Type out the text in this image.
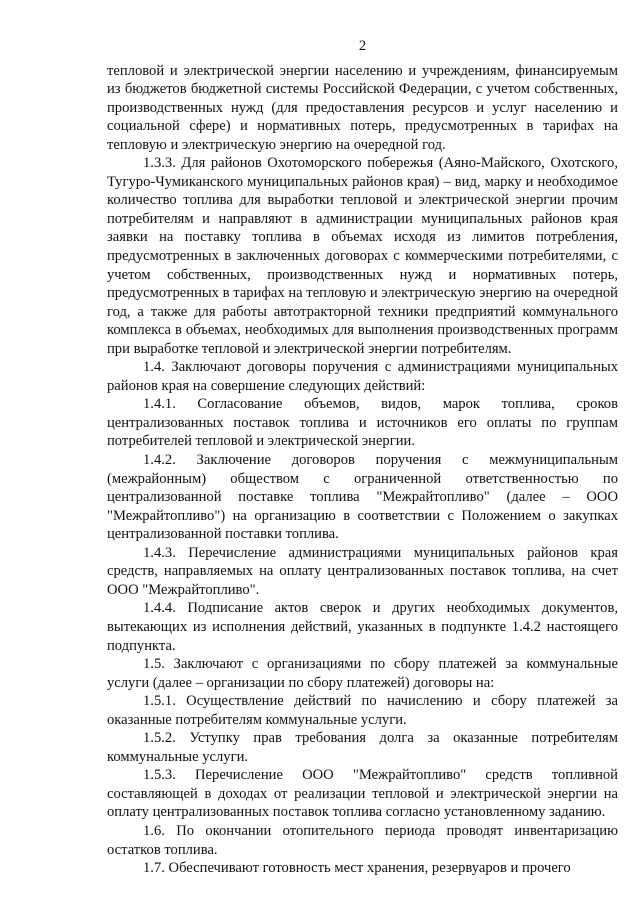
2

тепловой и электрической энергии населению и учреждениям, финансируемым из бюджетов бюджетной системы Российской Федерации, с учетом собственных, производственных нужд (для предоставления ресурсов и услуг населению и социальной сфере) и нормативных потерь, предусмотренных в тарифах на тепловую и электрическую энергию на очередной год.

1.3.3. Для районов Охотоморского побережья (Аяно-Майского, Охотского, Тугуро-Чумиканского муниципальных районов края) – вид, марку и необходимое количество топлива для выработки тепловой и электрической энергии прочим потребителям и направляют в администрации муниципальных районов края заявки на поставку топлива в объемах исходя из лимитов потребления, предусмотренных в заключенных договорах с коммерческими потребителями, с учетом собственных, производственных нужд и нормативных потерь, предусмотренных в тарифах на тепловую и электрическую энергию на очередной год, а также для работы автотракторной техники предприятий коммунального комплекса в объемах, необходимых для выполнения производственных программ при выработке тепловой и электрической энергии потребителям.

1.4. Заключают договоры поручения с администрациями муниципальных районов края на совершение следующих действий:

1.4.1. Согласование объемов, видов, марок топлива, сроков централизованных поставок топлива и источников его оплаты по группам потребителей тепловой и электрической энергии.

1.4.2. Заключение договоров поручения с межмуниципальным (межрайонным) обществом с ограниченной ответственностью по централизованной поставке топлива "Межрайтопливо" (далее – ООО "Межрайтопливо") на организацию в соответствии с Положением о закупках централизованной поставки топлива.

1.4.3. Перечисление администрациями муниципальных районов края средств, направляемых на оплату централизованных поставок топлива, на счет ООО "Межрайтопливо".

1.4.4. Подписание актов сверок и других необходимых документов, вытекающих из исполнения действий, указанных в подпункте 1.4.2 настоящего подпункта.

1.5. Заключают с организациями по сбору платежей за коммунальные услуги (далее – организации по сбору платежей) договоры на:

1.5.1. Осуществление действий по начислению и сбору платежей за оказанные потребителям коммунальные услуги.

1.5.2. Уступку прав требования долга за оказанные потребителям коммунальные услуги.

1.5.3. Перечисление ООО "Межрайтопливо" средств топливной составляющей в доходах от реализации тепловой и электрической энергии на оплату централизованных поставок топлива согласно установленному заданию.

1.6. По окончании отопительного периода проводят инвентаризацию остатков топлива.

1.7. Обеспечивают готовность мест хранения, резервуаров и прочего
